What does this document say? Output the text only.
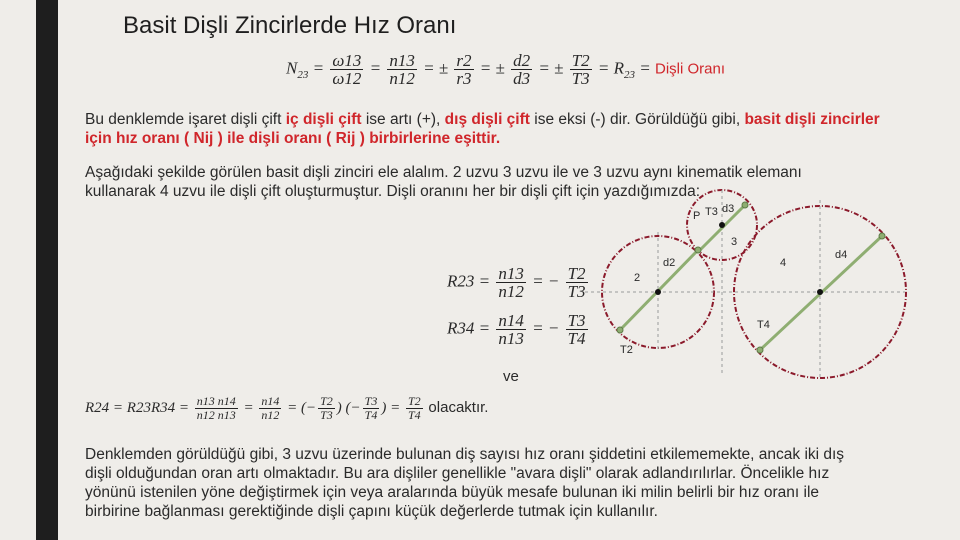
Basit Dişli Zincirlerde Hız Oranı
$N_{23} = \frac{\omega 13}{\omega 12} = \frac{n13}{n12}$ = ± $\frac{r2}{r3}$ = ± $\frac{d2}{d3}$ = ± $\frac{T2}{T3} = R_{23}$ = Dişli Oranı
Bu denklemde işaret dişli çift iç dişli çift ise artı (+), dış dişli çift ise eksi (-) dir. Görüldüğü gibi, basit dişli zincirler
için hız oranı ( Nij ) ile dişli oranı ( Rij ) birbirlerine eşittir.
Aşağıdaki şekilde görülen basit dişli zinciri ele alalım. 2 uzvu 3 uzvu ile ve 3 uzvu aynı kinematik elemanı
kullanarak 4 uzvu ile dişli çift oluşturmuştur. Dişli oranını her bir dişli çift için yazdığımızda:
$R23 = \frac{n13}{n12}$ = − $\frac{T2}{T3}$
$R34 = \frac{n14}{n13}$ = − $\frac{T3}{T4}$
ve
$R24 = R23R34 = \frac{n13 n14}{n12 n13} = \frac{n14}{n12}$ = (− $\frac{T2}{T3}$ ) (− $\frac{T3}{T4}$ ) = $\frac{T2}{T4}$ olacaktır.
Denklemden görüldüğü gibi, 3 uzvu üzerinde bulunan diş sayısı hız oranı şiddetini etkilememekte, ancak iki dış
dişli olduğundan oran artı olmaktadır. Bu ara dişliler genellikle "avara dişli" olarak adlandırılırlar. Öncelikle hız
yönünü istenilen yöne değiştirmek için veya aralarında büyük mesafe bulunan iki milin belirli bir hız oranı ile
birbirine bağlanması gerektiğinde dişli çapını küçük değerlerde tutmak için kullanılır.
P T3 d3
3
d2
2
4
d4
T4
T2
